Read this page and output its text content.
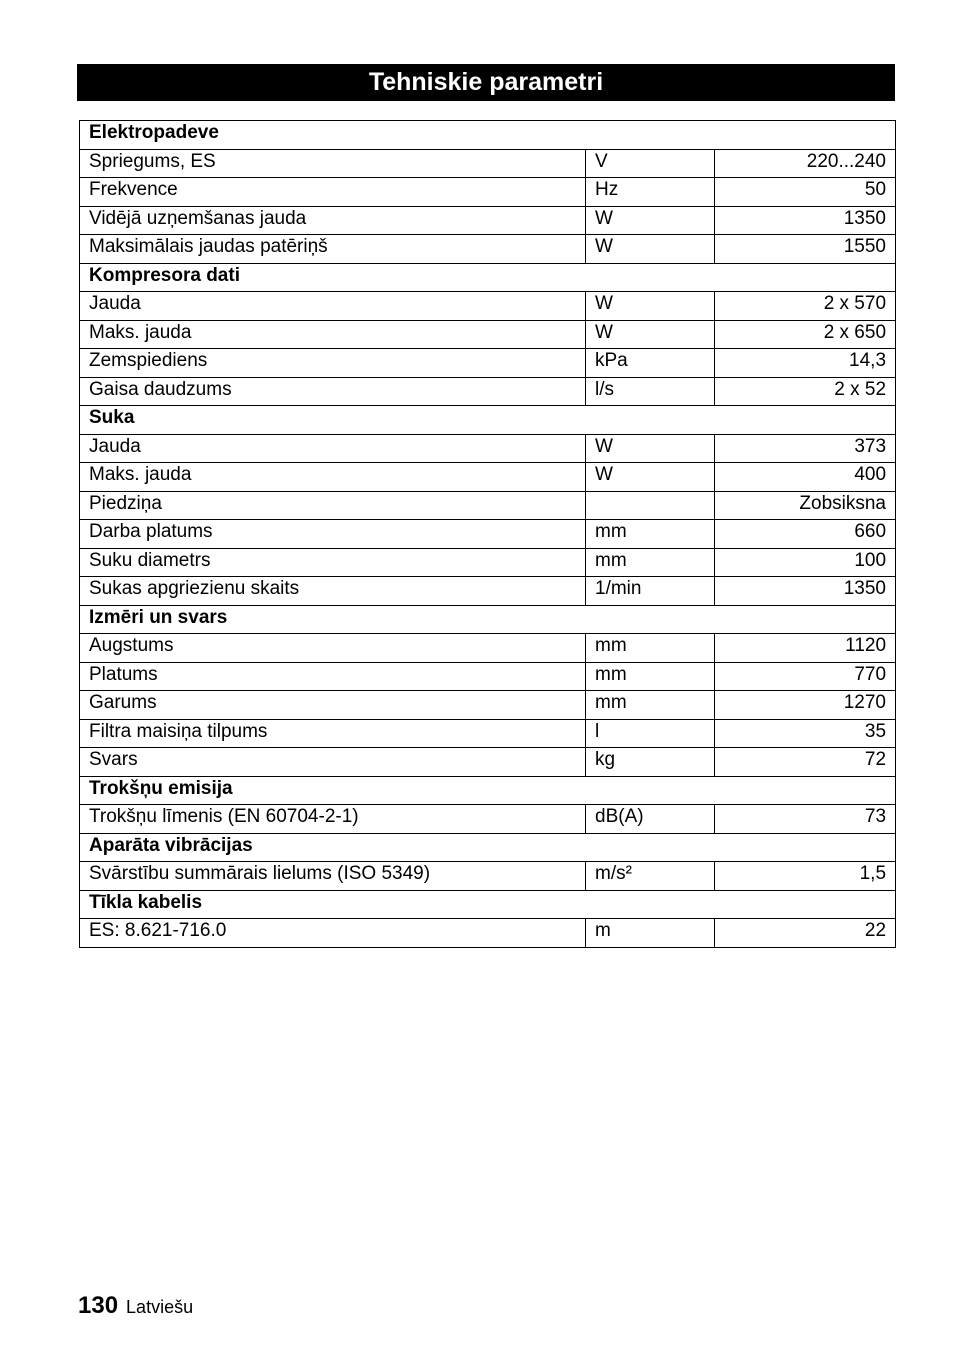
Tehniskie parametri
Elektropadeve		
Spriegums, ES	V	220...240
Frekvence	Hz	50
Vidējā uzņemšanas jauda	W	1350
Maksimālais jaudas patēriņš	W	1550
Kompresora dati		
Jauda	W	2 x 570
Maks. jauda	W	2 x 650
Zemspiediens	kPa	14,3
Gaisa daudzums	l/s	2 x 52
Suka		
Jauda	W	373
Maks. jauda	W	400
Piedziņa		Zobsiksna
Darba platums	mm	660
Suku diametrs	mm	100
Sukas apgriezienu skaits	1/min	1350
Izmēri un svars		
Augstums	mm	1120
Platums	mm	770
Garums	mm	1270
Filtra maisiņa tilpums	l	35
Svars	kg	72
Trokšņu emisija		
Trokšņu līmenis (EN 60704-2-1)	dB(A)	73
Aparāta vibrācijas		
Svārstību summārais lielums (ISO 5349)	m/s²	1,5
Tīkla kabelis		
ES: 8.621-716.0	m	22
130 Latviešu
